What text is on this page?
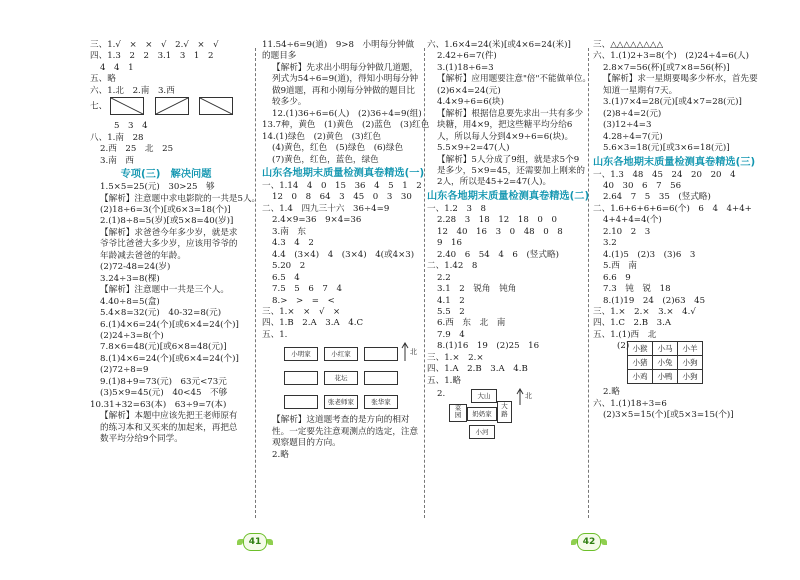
三、1.√　×　×　√　2.√　×　√
四、1.3　2　2　3.1　3　1　2
4　4　1
五、略
六、1.北　2.南　3.西
七、

5　3　4
八、1.南　28
2.西　25　北　25
3.南　西
专项(三)　解决问题
1.5×5=25(元)　30>25　够
【解析】注意题中求电影院的一共是5人。
(2)18÷6=3(个)[或6×3=18(个)]
2.(1)8÷8=5(岁)[或5×8=40(岁)]
【解析】求爸爸今年多少岁，就是求爷爷比爸爸大多少岁，应该用爷爷的年龄减去爸爸的年龄。
(2)72-48=24(岁)
3.24÷3=8(棵)
【解析】注意题中一共是三个人。
4.40÷8=5(盒)
5.4×8=32(元)　40-32=8(元)
6.(1)4×6=24(个)[或6×4=24(个)]
(2)24÷3=8(个)
7.8×6=48(元)[或6×8=48(元)]
8.(1)4×6=24(个)[或6×4=24(个)]
(2)72÷8=9
9.(1)8+9=73(元)　63元<73元
(3)5×9=45(元)　40<45　不够
10.31+32=63(本)　63÷9=7(本)
【解析】本题中应该先把王老师原有的练习本和又买来的加起来，再把总数平均分给9个同学。
11.54÷6=9(道)　9>8　小明每分钟做的题目多
【解析】先求出小明每分钟做几道题，列式为54÷6=9(道)，得知小明每分钟做9道题，再和小刚每分钟做的题目比较多少。
12.(1)36÷6=6(人)　(2)36÷4=9(组)
13.7种，黄色　(1)黄色　(2)蓝色　(3)红色
14.(1)绿色　(2)黄色　(3)红色
(4)黄色，红色　(5)绿色　(6)绿色
(7)黄色，红色，蓝色，绿色
山东各地期末质量检测真卷精选(一)
一、1.14　4　0　15　36　4　5　1　2
12　0　8　64　3　45　0　3　30
二、1.4　四九三十六　36÷4=9
2.4×9=36　9×4=36
3.南　东
4.3　4　2
4.4　(3×4)　4　(3×4)　4(或4×3)
5.20　2
6.5　4
7.5　5　6　7　4
8.>　>　=　<
三、1.×　×　√　×
四、1.B　2.A　3.A　4.C
五、1.
小明家	小红家
花坛
张老师家	张华家
北
【解析】这道题考查的是方向的相对性。一定要先注意观测点的选定，注意观察题目的方向。
2.略
六、1.6×4=24(米)[或4×6=24(米)]
2.42÷6=7(件)
3.(1)18÷6=3
【解析】应用题要注意"倍"不能做单位。
(2)6×4=24(元)
4.4×9÷6=6(块)
【解析】根据信息要先求出一共有多少块糖，用4×9，把这些糖平均分给6人，所以每人分到4×9÷6=6(块)。
5.5×9÷2=47(人)
【解析】5人分成了9组，就是求5个9是多少，5×9=45，还需要加上刚来的2人，所以是45+2=47(人)。
山东各地期末质量检测真卷精选(二)
一、1.2　3　8
2.28　3　18　12　18　0　0
12　40　16　3　0　48　0　8
9　16
2.40　6　54　4　6　(竖式略)
二、1.42　8
2.2
3.1　2　锐角　钝角
4.1　2
5.5　2
6.西　东　北　南
7.9　4
8.(1)16　19　(2)25　16
三、1.×　2.×
四、1.A　2.B　3.A　4.B
五、1.略
2.	大山
菜园	奶奶家
大路
小河
北
三、△△△△△△△△
六、1.(1)2+3=8(个)　(2)24÷4=6(人)
2.8×7=56(杯)[或7×8=56(杯)]
【解析】求一星期要喝多少杯水，首先要知道一星期有7天。
3.(1)7×4=28(元)[或4×7=28(元)]
(2)8÷4=2(元)
(3)12÷4=3
4.28÷4=7(元)
5.6×3=18(元)[或3×6=18(元)]
山东各地期末质量检测真卷精选(三)
一、1.3　48　45　24　20　20　4
40　30　6　7　56
2.64　7　5　35　(竖式略)
二、1.6+6+6+6=6(个)　6　4　4+4+
4+4+4=4(个)
2.10　2　3
3.2
4.(1)5　(2)3　(3)6　3
5.西　南
6.6　9
7.3　钝　锐　18
8.(1)19　24　(2)63　45
三、1.×　2.×　3.×　4.√
四、1.C　2.B　3.A
五、1.(1)西　北
(2) 小猴	小马	小羊
小猪	小兔	小狗
小鸡	小鸭	小狗
2.略
六、1.(1)18÷3=6
(2)3×5=15(个)[或5×3=15(个)]
41	42
